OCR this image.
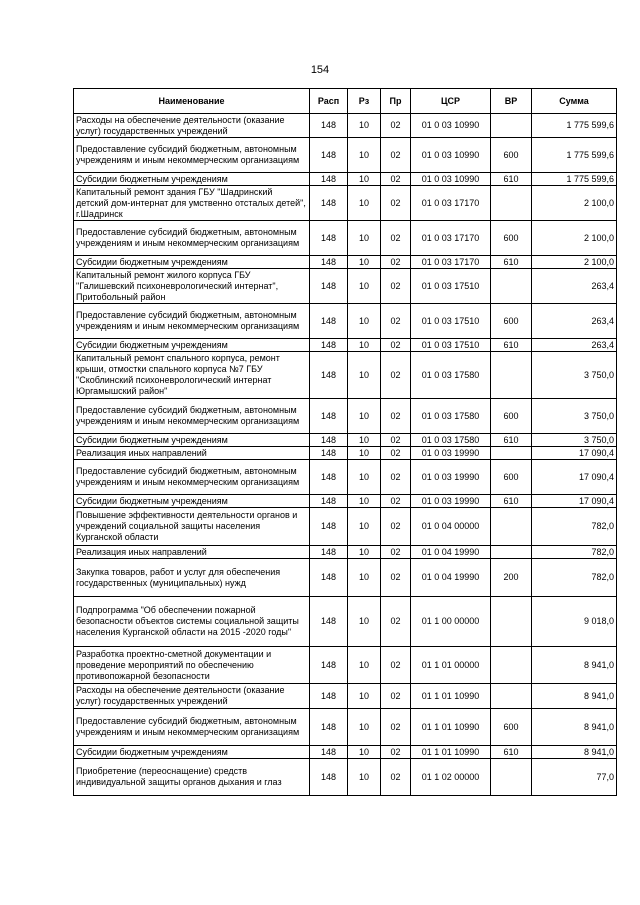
154
Наименование	Расп	Рз	Пр	ЦСР	ВР	Сумма
Расходы на обеспечение деятельности (оказание услуг) государственных учреждений	148	10	02	01 0 03 10990		1 775 599,6
Предоставление субсидий бюджетным, автономным учреждениям и иным некоммерческим организациям	148	10	02	01 0 03 10990	600	1 775 599,6
Субсидии бюджетным учреждениям	148	10	02	01 0 03 10990	610	1 775 599,6
Капитальный ремонт здания ГБУ "Шадринский детский дом-интернат для умственно отсталых детей", г.Шадринск	148	10	02	01 0 03 17170		2 100,0
Предоставление субсидий бюджетным, автономным учреждениям и иным некоммерческим организациям	148	10	02	01 0 03 17170	600	2 100,0
Субсидии бюджетным учреждениям	148	10	02	01 0 03 17170	610	2 100,0
Капитальный ремонт жилого корпуса ГБУ "Галишевский психоневрологический интернат", Притобольный район	148	10	02	01 0 03 17510		263,4
Предоставление субсидий бюджетным, автономным учреждениям и иным некоммерческим организациям	148	10	02	01 0 03 17510	600	263,4
Субсидии бюджетным учреждениям	148	10	02	01 0 03 17510	610	263,4
Капитальный ремонт спального корпуса, ремонт крыши, отмостки спального корпуса №7 ГБУ "Скоблинский психоневрологический интернат Юргамышский район"	148	10	02	01 0 03 17580		3 750,0
Предоставление субсидий бюджетным, автономным учреждениям и иным некоммерческим организациям	148	10	02	01 0 03 17580	600	3 750,0
Субсидии бюджетным учреждениям	148	10	02	01 0 03 17580	610	3 750,0
Реализация иных направлений	148	10	02	01 0 03 19990		17 090,4
Предоставление субсидий бюджетным, автономным учреждениям и иным некоммерческим организациям	148	10	02	01 0 03 19990	600	17 090,4
Субсидии бюджетным учреждениям	148	10	02	01 0 03 19990	610	17 090,4
Повышение эффективности деятельности органов и учреждений социальной защиты населения Курганской области	148	10	02	01 0 04 00000		782,0
Реализация иных направлений	148	10	02	01 0 04 19990		782,0
Закупка товаров, работ и услуг для обеспечения государственных (муниципальных) нужд	148	10	02	01 0 04 19990	200	782,0
Подпрограмма "Об обеспечении пожарной безопасности объектов системы социальной защиты населения Курганской области на 2015 -2020 годы"	148	10	02	01 1 00 00000		9 018,0
Разработка проектно-сметной документации и проведение мероприятий по обеспечению противопожарной безопасности	148	10	02	01 1 01 00000		8 941,0
Расходы на обеспечение деятельности (оказание услуг) государственных учреждений	148	10	02	01 1 01 10990		8 941,0
Предоставление субсидий бюджетным, автономным учреждениям и иным некоммерческим организациям	148	10	02	01 1 01 10990	600	8 941,0
Субсидии бюджетным учреждениям	148	10	02	01 1 01 10990	610	8 941,0
Приобретение (переоснащение) средств индивидуальной защиты органов дыхания и глаз	148	10	02	01 1 02 00000		77,0
